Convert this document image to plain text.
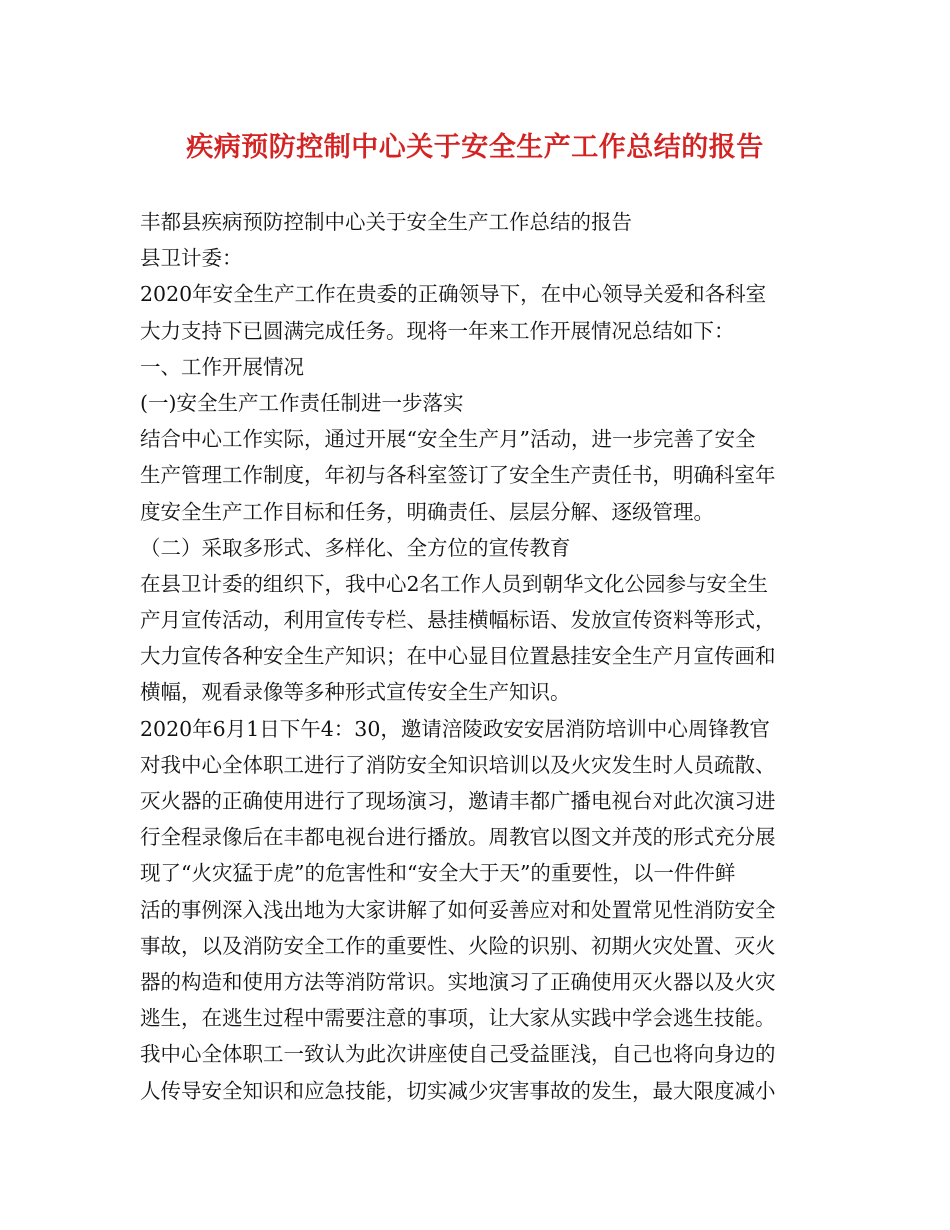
疾病预防控制中心关于安全生产工作总结的报告
丰都县疾病预防控制中心关于安全生产工作总结的报告
县卫计委：
2020年安全生产工作在贵委的正确领导下，在中心领导关爱和各科室
大力支持下已圆满完成任务。现将一年来工作开展情况总结如下：
一、工作开展情况
(一)安全生产工作责任制进一步落实
结合中心工作实际，通过开展“安全生产月”活动，进一步完善了安全
生产管理工作制度，年初与各科室签订了安全生产责任书，明确科室年
度安全生产工作目标和任务，明确责任、层层分解、逐级管理。
（二）采取多形式、多样化、全方位的宣传教育
在县卫计委的组织下，我中心2名工作人员到朝华文化公园参与安全生
产月宣传活动，利用宣传专栏、悬挂横幅标语、发放宣传资料等形式，
大力宣传各种安全生产知识；在中心显目位置悬挂安全生产月宣传画和
横幅，观看录像等多种形式宣传安全生产知识。
2020年6月1日下午4：30，邀请涪陵政安安居消防培训中心周锋教官
对我中心全体职工进行了消防安全知识培训以及火灾发生时人员疏散、
灭火器的正确使用进行了现场演习，邀请丰都广播电视台对此次演习进
行全程录像后在丰都电视台进行播放。周教官以图文并茂的形式充分展
现了“火灾猛于虎”的危害性和“安全大于天”的重要性，以一件件鲜
活的事例深入浅出地为大家讲解了如何妥善应对和处置常见性消防安全
事故，以及消防安全工作的重要性、火险的识别、初期火灾处置、灭火
器的构造和使用方法等消防常识。实地演习了正确使用灭火器以及火灾
逃生，在逃生过程中需要注意的事项，让大家从实践中学会逃生技能。
我中心全体职工一致认为此次讲座使自己受益匪浅，自己也将向身边的
人传导安全知识和应急技能，切实减少灾害事故的发生，最大限度减小
